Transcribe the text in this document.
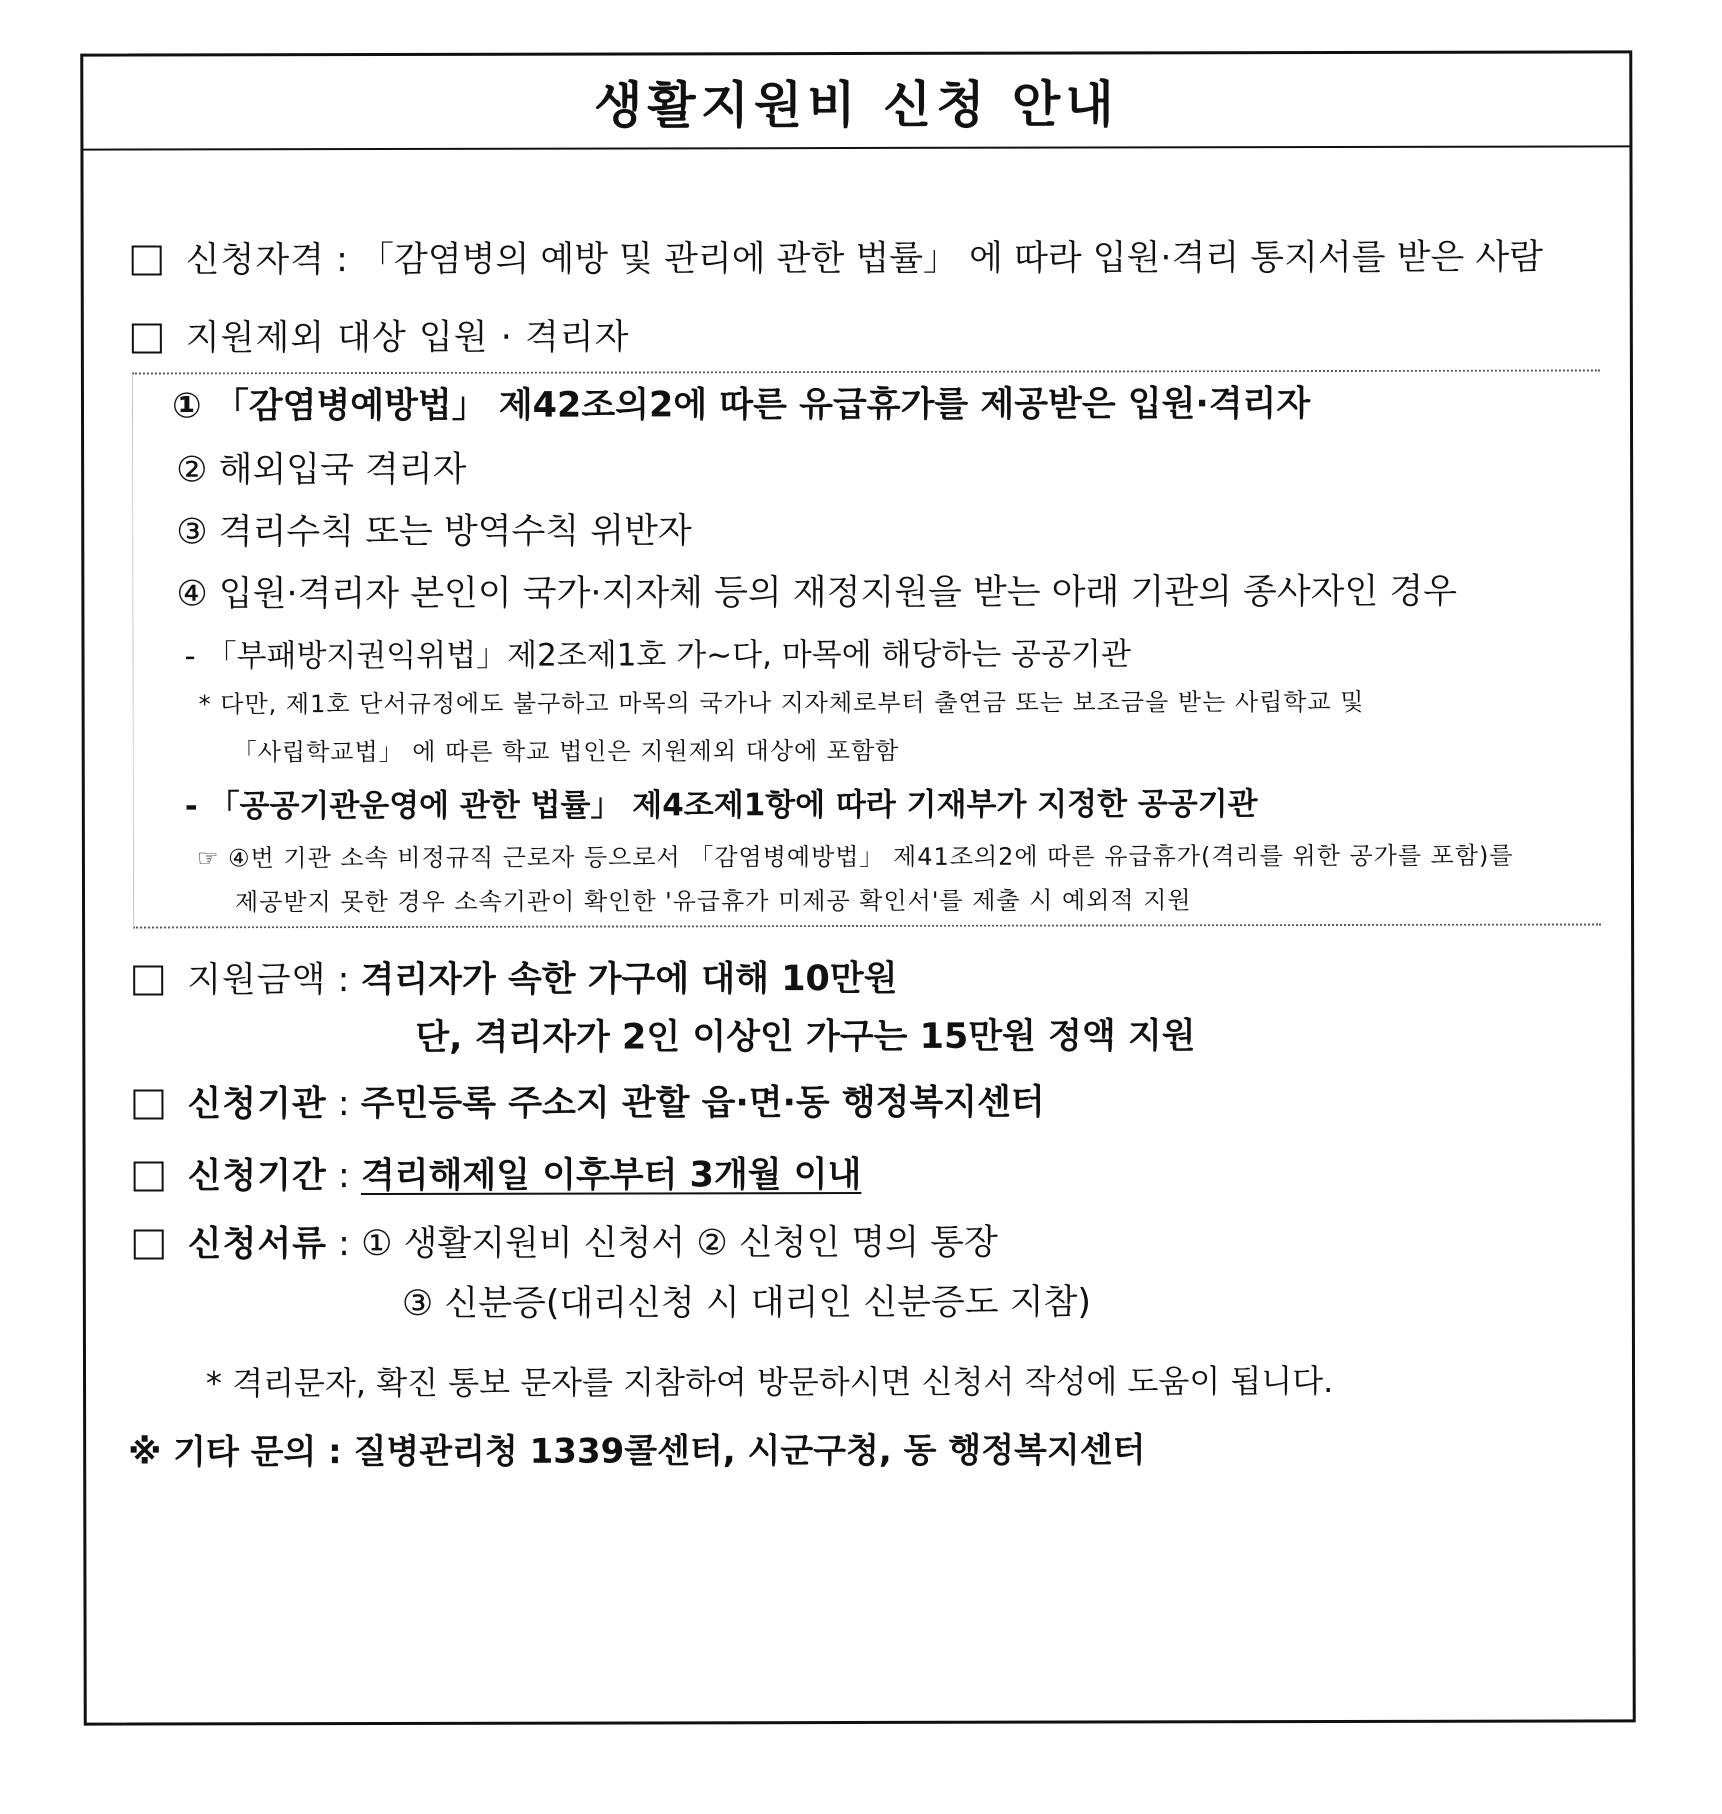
생활지원비 신청 안내
신청자격 : 「감염병의 예방 및 관리에 관한 법률」 에 따라 입원·격리 통지서를 받은 사람
지원제외 대상 입원 · 격리자
① 「감염병예방법」 제42조의2에 따른 유급휴가를 제공받은 입원·격리자
② 해외입국 격리자
③ 격리수칙 또는 방역수칙 위반자
④ 입원·격리자 본인이 국가·지자체 등의 재정지원을 받는 아래 기관의 종사자인 경우
- 「부패방지권익위법」제2조제1호 가~다, 마목에 해당하는 공공기관
* 다만, 제1호 단서규정에도 불구하고 마목의 국가나 지자체로부터 출연금 또는 보조금을 받는 사립학교 및
「사립학교법」 에 따른 학교 법인은 지원제외 대상에 포함함
- 「공공기관운영에 관한 법률」 제4조제1항에 따라 기재부가 지정한 공공기관
☞ ④번 기관 소속 비정규직 근로자 등으로서 「감염병예방법」 제41조의2에 따른 유급휴가(격리를 위한 공가를 포함)를
제공받지 못한 경우 소속기관이 확인한 '유급휴가 미제공 확인서'를 제출 시 예외적 지원
지원금액 : 격리자가 속한 가구에 대해 10만원
단, 격리자가 2인 이상인 가구는 15만원 정액 지원
신청기관 : 주민등록 주소지 관할 읍·면·동 행정복지센터
신청기간 : 격리해제일 이후부터 3개월 이내
신청서류 : ① 생활지원비 신청서 ② 신청인 명의 통장
③ 신분증(대리신청 시 대리인 신분증도 지참)
* 격리문자, 확진 통보 문자를 지참하여 방문하시면 신청서 작성에 도움이 됩니다.
※ 기타 문의 : 질병관리청 1339콜센터, 시군구청, 동 행정복지센터
